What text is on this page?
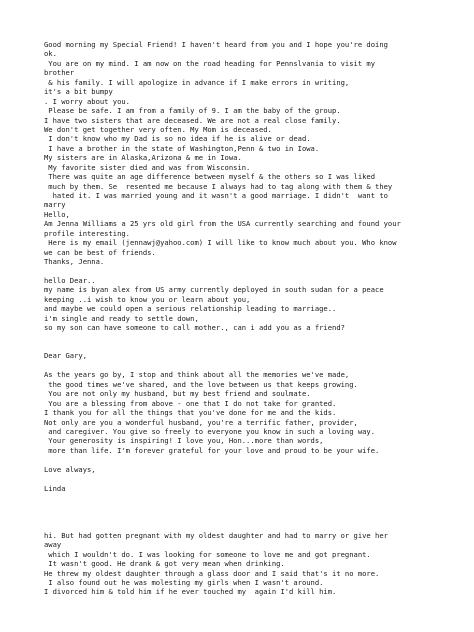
Good morning my Special Friend! I haven't heard from you and I hope you're doing
ok.
You are on my mind. I am now on the road heading for Pennslvania to visit my
brother
& his family. I will apologize in advance if I make errors in writing,
it's a bit bumpy
. I worry about you.
Please be safe. I am from a family of 9. I am the baby of the group.
I have two sisters that are deceased. We are not a real close family.
We don't get together very often. My Mom is deceased.
I don't know who my Dad is so no idea if he is alive or dead.
I have a brother in the state of Washington,Penn & two in Iowa.
My sisters are in Alaska,Arizona & me in Iowa.
My favorite sister died and was from Wisconsin.
There was quite an age difference between myself & the others so I was liked
much by them. Se  resented me because I always had to tag along with them & they
hated it. I was married young and it wasn't a good marriage. I didn't  want to
marry
Hello,
Am Jenna Williams a 25 yrs old girl from the USA currently searching and found your
profile interesting.
Here is my email (jennawj@yahoo.com) I will like to know much about you. Who know
we can be best of friends.
Thanks, Jenna.
hello Dear..
my name is byan alex from US army currently deployed in south sudan for a peace
keeping ..i wish to know you or learn about you,
and maybe we could open a serious relationship leading to marriage..
i'm single and ready to settle down,
so my son can have someone to call mother., can i add you as a friend?
Dear Gary,
As the years go by, I stop and think about all the memories we've made,
the good times we've shared, and the love between us that keeps growing.
You are not only my husband, but my best friend and soulmate.
You are a blessing from above - one that I do not take for granted.
I thank you for all the things that you've done for me and the kids.
Not only are you a wonderful husband, you're a terrific father, provider,
and caregiver. You give so freely to everyone you know in such a loving way.
Your generosity is inspiring! I love you, Hon...more than words,
more than life. I'm forever grateful for your love and proud to be your wife.
Love always,
Linda
hi. But had gotten pregnant with my oldest daughter and had to marry or give her
away
which I wouldn't do. I was looking for someone to love me and got pregnant.
It wasn't good. He drank & got very mean when drinking.
He threw my oldest daughter through a glass door and I said that's it no more.
I also found out he was molesting my girls when I wasn't around.
I divorced him & told him if he ever touched my  again I'd kill him.
